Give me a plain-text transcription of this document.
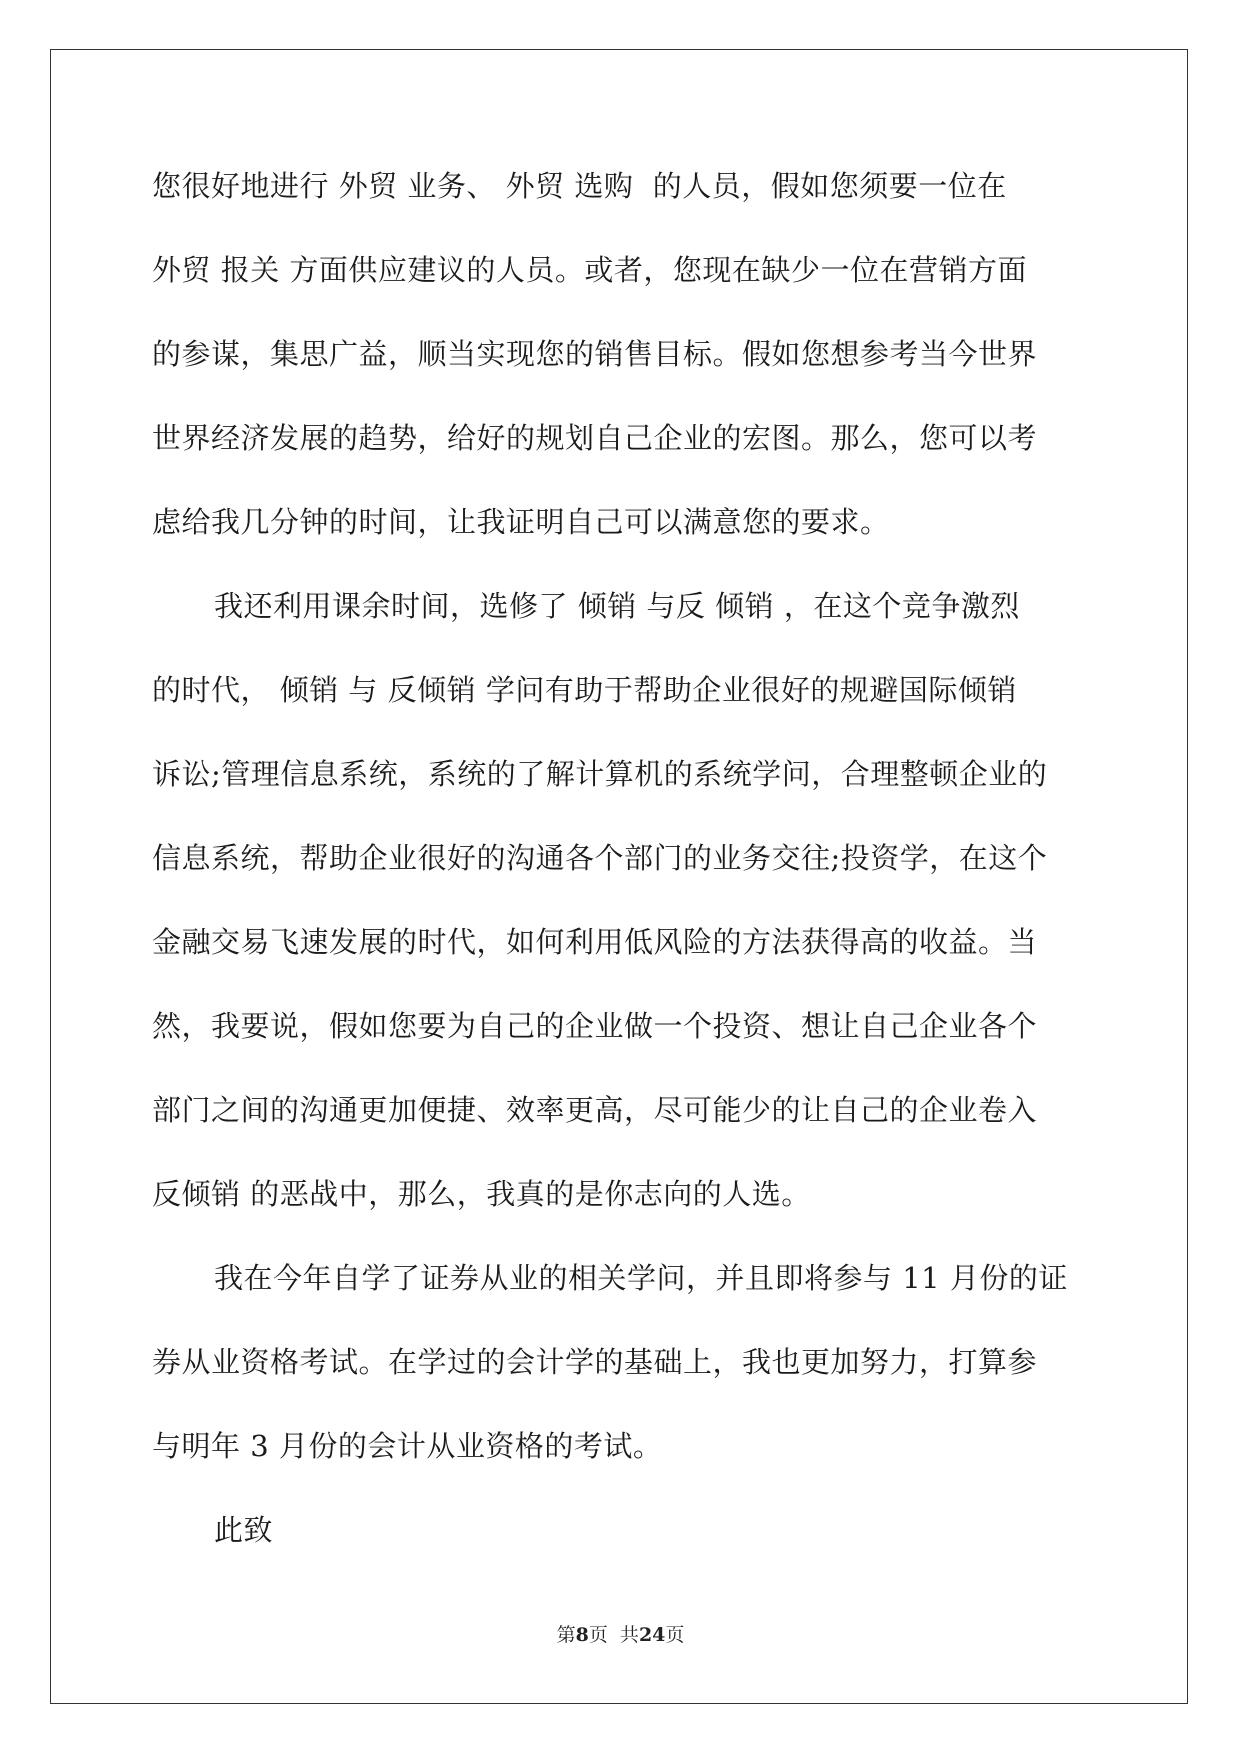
您很好地进行 外贸 业务、 外贸 选购  的人员，假如您须要一位在
外贸 报关 方面供应建议的人员。或者，您现在缺少一位在营销方面
的参谋，集思广益，顺当实现您的销售目标。假如您想参考当今世界
世界经济发展的趋势，给好的规划自己企业的宏图。那么，您可以考
虑给我几分钟的时间，让我证明自己可以满意您的要求。
我还利用课余时间，选修了 倾销 与反 倾销 ，在这个竞争激烈
的时代， 倾销 与 反倾销 学问有助于帮助企业很好的规避国际倾销
诉讼;管理信息系统，系统的了解计算机的系统学问，合理整顿企业的
信息系统，帮助企业很好的沟通各个部门的业务交往;投资学，在这个
金融交易飞速发展的时代，如何利用低风险的方法获得高的收益。当
然，我要说，假如您要为自己的企业做一个投资、想让自己企业各个
部门之间的沟通更加便捷、效率更高，尽可能少的让自己的企业卷入
反倾销 的恶战中，那么，我真的是你志向的人选。
我在今年自学了证券从业的相关学问，并且即将参与 11 月份的证
券从业资格考试。在学过的会计学的基础上，我也更加努力，打算参
与明年 3 月份的会计从业资格的考试。
此致
第8页  共24页
